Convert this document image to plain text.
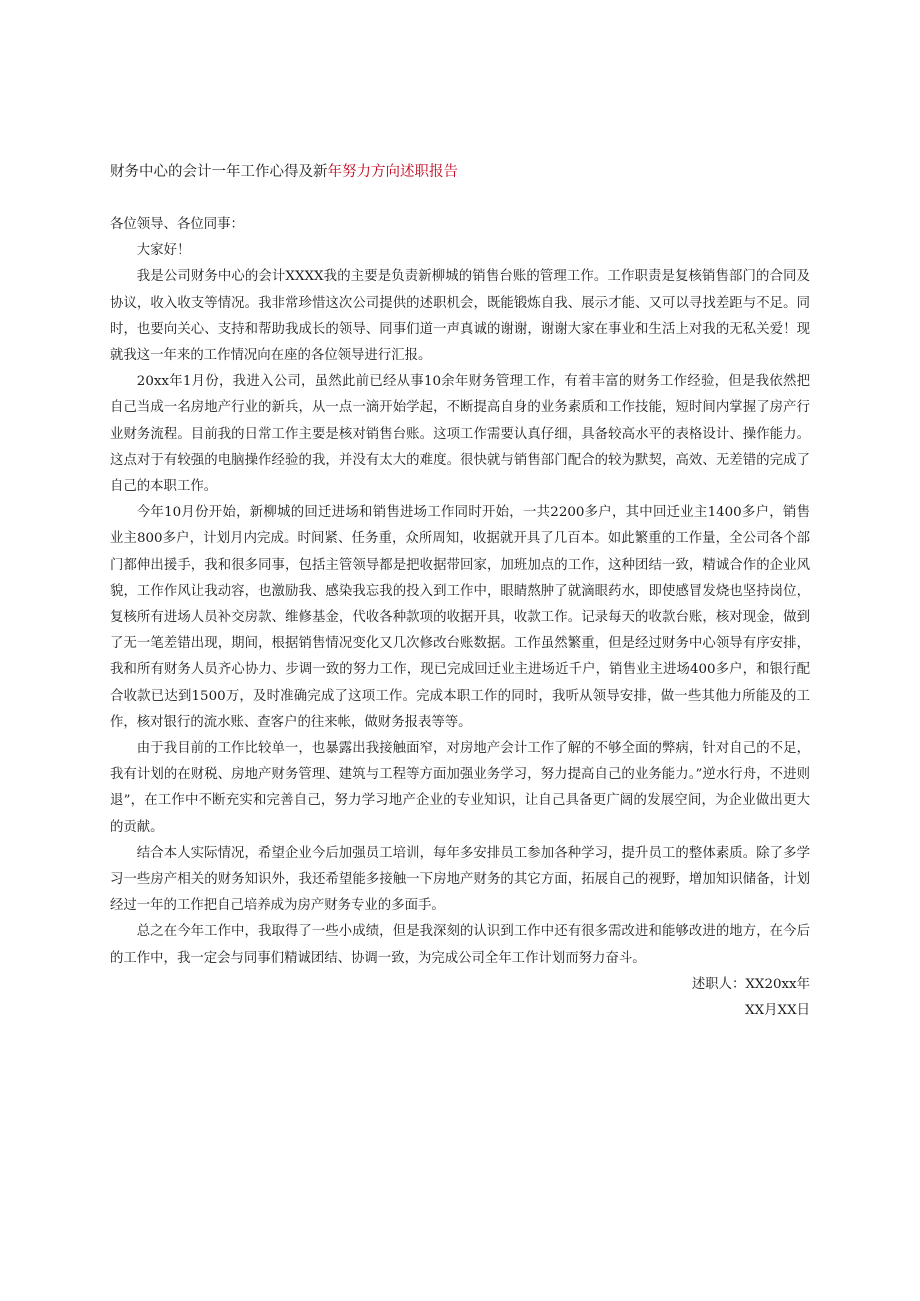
财务中心的会计一年工作心得及新年努力方向述职报告

各位领导、各位同事：

大家好！

我是公司财务中心的会计XXXX我的主要是负责新柳城的销售台账的管理工作。工作职责是复核销售部门的合同及协议，收入收支等情况。我非常珍惜这次公司提供的述职机会，既能锻炼自我、展示才能、又可以寻找差距与不足。同时，也要向关心、支持和帮助我成长的领导、同事们道一声真诚的谢谢，谢谢大家在事业和生活上对我的无私关爱！现就我这一年来的工作情况向在座的各位领导进行汇报。

20xx年1月份，我进入公司，虽然此前已经从事10余年财务管理工作，有着丰富的财务工作经验，但是我依然把自己当成一名房地产行业的新兵，从一点一滴开始学起，不断提高自身的业务素质和工作技能，短时间内掌握了房产行业财务流程。目前我的日常工作主要是核对销售台账。这项工作需要认真仔细，具备较高水平的表格设计、操作能力。这点对于有较强的电脑操作经验的我，并没有太大的难度。很快就与销售部门配合的较为默契，高效、无差错的完成了自己的本职工作。

今年10月份开始，新柳城的回迁进场和销售进场工作同时开始，一共2200多户，其中回迁业主1400多户，销售业主800多户，计划月内完成。时间紧、任务重，众所周知，收据就开具了几百本。如此繁重的工作量，全公司各个部门都伸出援手，我和很多同事，包括主管领导都是把收据带回家，加班加点的工作，这种团结一致，精诚合作的企业风貌，工作作风让我动容，也激励我、感染我忘我的投入到工作中，眼睛熬肿了就滴眼药水，即使感冒发烧也坚持岗位，复核所有进场人员补交房款、维修基金，代收各种款项的收据开具，收款工作。记录每天的收款台账，核对现金，做到了无一笔差错出现，期间，根据销售情况变化又几次修改台账数据。工作虽然繁重，但是经过财务中心领导有序安排，我和所有财务人员齐心协力、步调一致的努力工作，现已完成回迁业主进场近千户，销售业主进场400多户，和银行配合收款已达到1500万，及时准确完成了这项工作。完成本职工作的同时，我听从领导安排，做一些其他力所能及的工作，核对银行的流水账、查客户的往来帐，做财务报表等等。

由于我目前的工作比较单一，也暴露出我接触面窄，对房地产会计工作了解的不够全面的弊病，针对自己的不足，我有计划的在财税、房地产财务管理、建筑与工程等方面加强业务学习，努力提高自己的业务能力。”逆水行舟，不进则退”，在工作中不断充实和完善自己，努力学习地产企业的专业知识，让自己具备更广阔的发展空间，为企业做出更大的贡献。

结合本人实际情况，希望企业今后加强员工培训，每年多安排员工参加各种学习，提升员工的整体素质。除了多学习一些房产相关的财务知识外，我还希望能多接触一下房地产财务的其它方面，拓展自己的视野，增加知识储备，计划经过一年的工作把自己培养成为房产财务专业的多面手。

总之在今年工作中，我取得了一些小成绩，但是我深刻的认识到工作中还有很多需改进和能够改进的地方，在今后的工作中，我一定会与同事们精诚团结、协调一致，为完成公司全年工作计划而努力奋斗。

述职人：XX20xx年

XX月XX日
